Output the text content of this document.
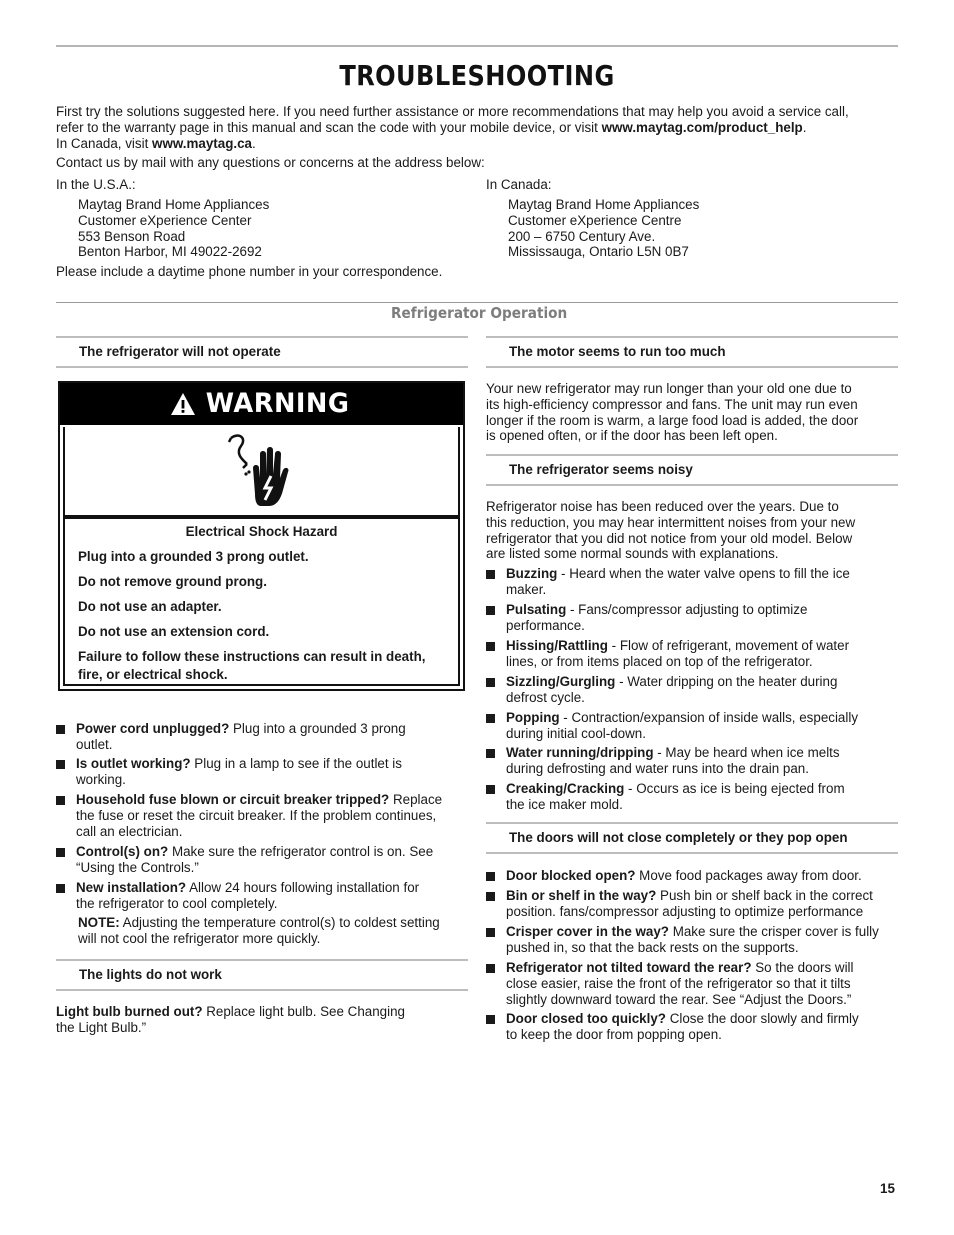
TROUBLESHOOTING

First try the solutions suggested here. If you need further assistance or more recommendations that may help you avoid a service call,

refer to the warranty page in this manual and scan the code with your mobile device, or visit www.maytag.com/product_help.

In Canada, visit www.maytag.ca.

Contact us by mail with any questions or concerns at the address below:
In the U.S.A.:
Maytag Brand Home Appliances
Customer eXperience Center
553 Benson Road
Benton Harbor, MI 49022-2692
In Canada:
Maytag Brand Home Appliances
Customer eXperience Centre
200 – 6750 Century Ave.
Mississauga, Ontario L5N 0B7
Please include a daytime phone number in your correspondence.
Refrigerator Operation
The refrigerator will not operate
WARNING
Electrical Shock Hazard
Plug into a grounded 3 prong outlet.
Do not remove ground prong.
Do not use an adapter.
Do not use an extension cord.
Failure to follow these instructions can result in death,
fire, or electrical shock.
Power cord unplugged? Plug into a grounded 3 prong
outlet.
Is outlet working? Plug in a lamp to see if the outlet is
working.
Household fuse blown or circuit breaker tripped? Replace
the fuse or reset the circuit breaker. If the problem continues,
call an electrician.
Control(s) on? Make sure the refrigerator control is on. See
“Using the Controls.”
New installation? Allow 24 hours following installation for
the refrigerator to cool completely.
NOTE: Adjusting the temperature control(s) to coldest setting
will not cool the refrigerator more quickly.
The lights do not work
Light bulb burned out? Replace light bulb. See Changing
the Light Bulb.”
The motor seems to run too much
Your new refrigerator may run longer than your old one due to
its high-efficiency compressor and fans. The unit may run even
longer if the room is warm, a large food load is added, the door
is opened often, or if the door has been left open.
The refrigerator seems noisy
Refrigerator noise has been reduced over the years. Due to
this reduction, you may hear intermittent noises from your new
refrigerator that you did not notice from your old model. Below
are listed some normal sounds with explanations.
Buzzing - Heard when the water valve opens to fill the ice
maker.
Pulsating - Fans/compressor adjusting to optimize
performance.
Hissing/Rattling - Flow of refrigerant, movement of water
lines, or from items placed on top of the refrigerator.
Sizzling/Gurgling - Water dripping on the heater during
defrost cycle.
Popping - Contraction/expansion of inside walls, especially
during initial cool-down.
Water running/dripping - May be heard when ice melts
during defrosting and water runs into the drain pan.
Creaking/Cracking - Occurs as ice is being ejected from
the ice maker mold.
The doors will not close completely or they pop open
Door blocked open? Move food packages away from door.
Bin or shelf in the way? Push bin or shelf back in the correct
position. fans/compressor adjusting to optimize performance
Crisper cover in the way? Make sure the crisper cover is fully
pushed in, so that the back rests on the supports.
Refrigerator not tilted toward the rear? So the doors will
close easier, raise the front of the refrigerator so that it tilts
slightly downward toward the rear. See “Adjust the Doors.”
Door closed too quickly? Close the door slowly and firmly
to keep the door from popping open.
15
